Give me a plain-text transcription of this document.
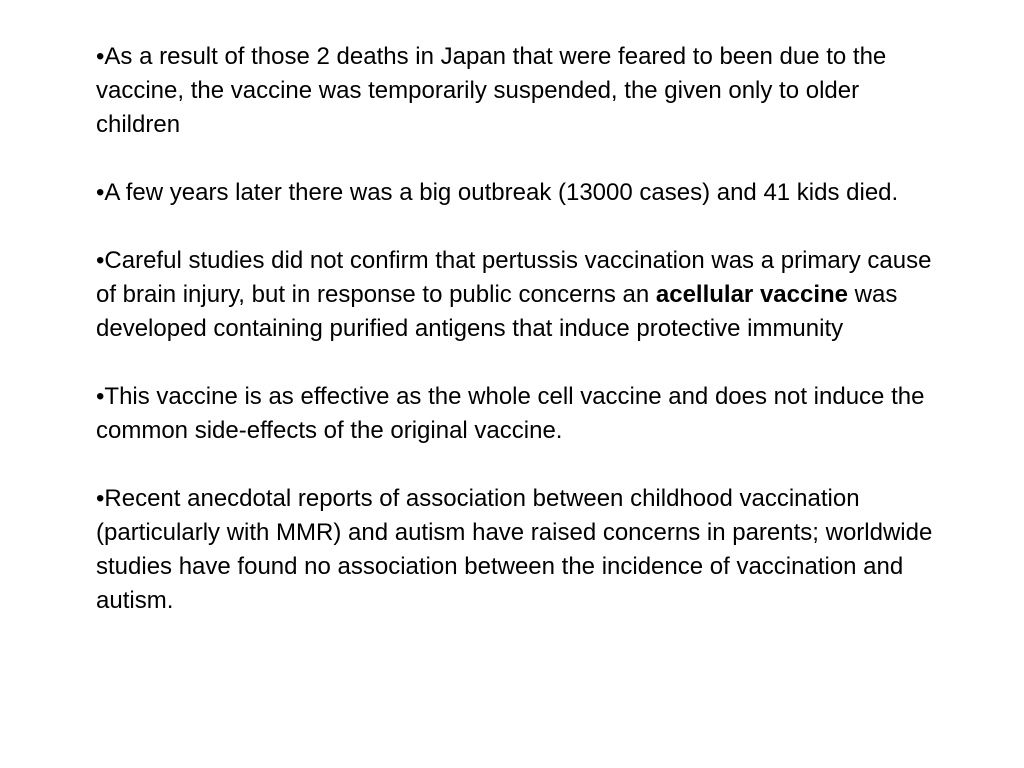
•As a result of those 2 deaths in Japan that were feared to been due to the vaccine, the vaccine was temporarily suspended, the given only to older children

•A few years later there was a big outbreak (13000 cases) and 41 kids died.

•Careful studies did not confirm that pertussis vaccination was a primary cause of brain injury, but in response to public concerns an acellular vaccine was developed containing purified antigens that induce protective immunity

•This vaccine is as effective as the whole cell vaccine and does not induce the common side-effects of the original vaccine.

•Recent anecdotal reports of association between childhood vaccination (particularly with MMR) and autism have raised concerns in parents; worldwide studies have found no association between the incidence of vaccination and autism.
